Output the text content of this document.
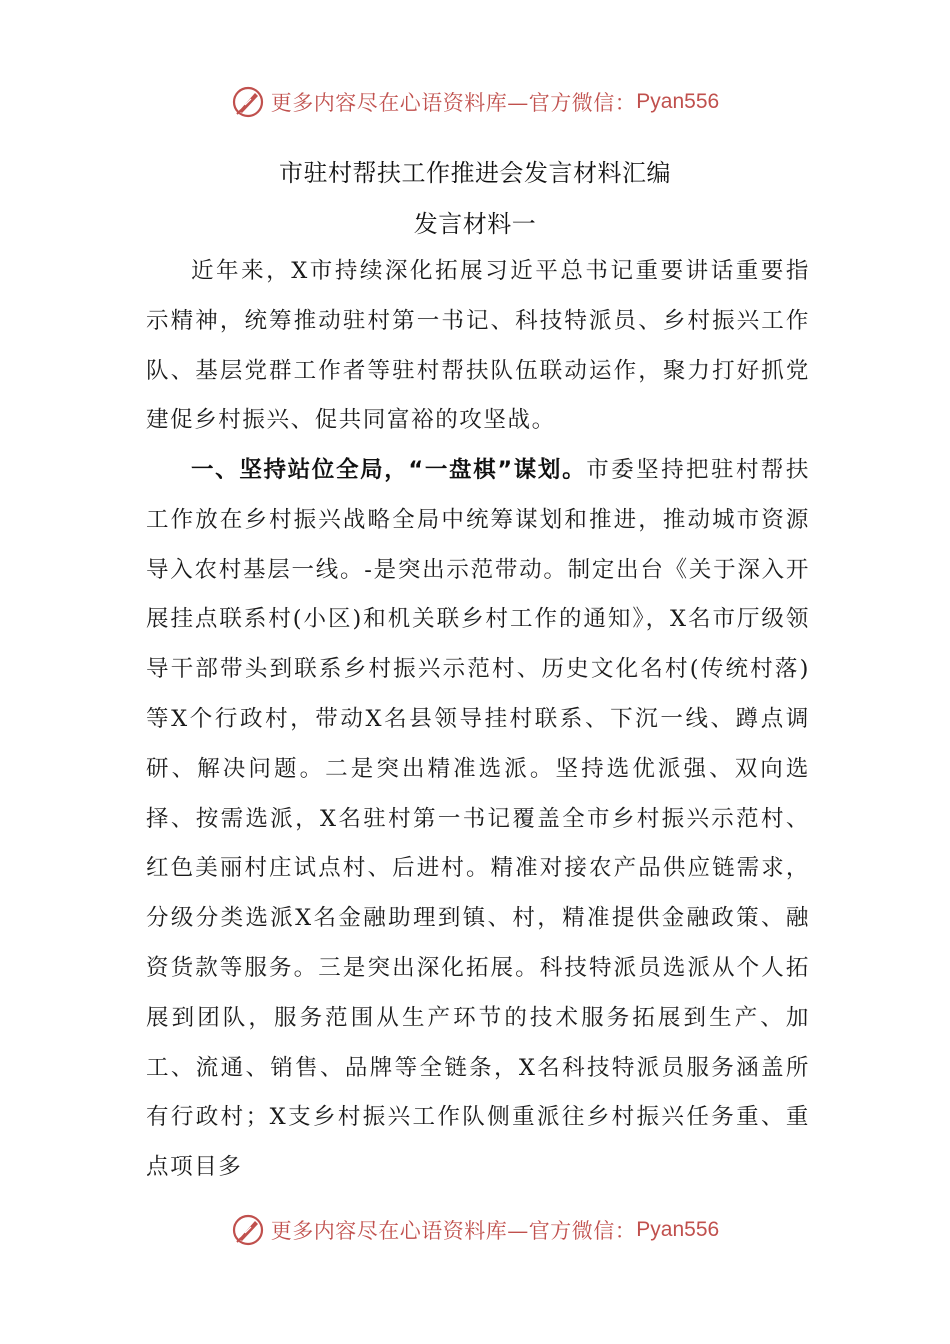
更多内容尽在心语资料库—官方微信： Pyan556
市驻村帮扶工作推进会发言材料汇编
发言材料一

近年来，X市持续深化拓展习近平总书记重要讲话重要指示精神，统筹推动驻村第一书记、科技特派员、乡村振兴工作队、基层党群工作者等驻村帮扶队伍联动运作，聚力打好抓党建促乡村振兴、促共同富裕的攻坚战。

一、坚持站位全局，“一盘棋”谋划。市委坚持把驻村帮扶工作放在乡村振兴战略全局中统筹谋划和推进，推动城市资源导入农村基层一线。-是突出示范带动。制定出台《关于深入开展挂点联系村(小区)和机关联乡村工作的通知》，X名市厅级领导干部带头到联系乡村振兴示范村、历史文化名村(传统村落)等X个行政村，带动X名县领导挂村联系、下沉一线、蹲点调研、解决问题。二是突出精准选派。坚持选优派强、双向选择、按需选派，X名驻村第一书记覆盖全市乡村振兴示范村、红色美丽村庄试点村、后进村。精准对接农产品供应链需求，分级分类选派X名金融助理到镇、村，精准提供金融政策、融资货款等服务。三是突出深化拓展。科技特派员选派从个人拓展到团队，服务范围从生产环节的技术服务拓展到生产、加工、流通、销售、品牌等全链条，X名科技特派员服务涵盖所有行政村；X支乡村振兴工作队侧重派往乡村振兴任务重、重点项目多

更多内容尽在心语资料库—官方微信： Pyan556
